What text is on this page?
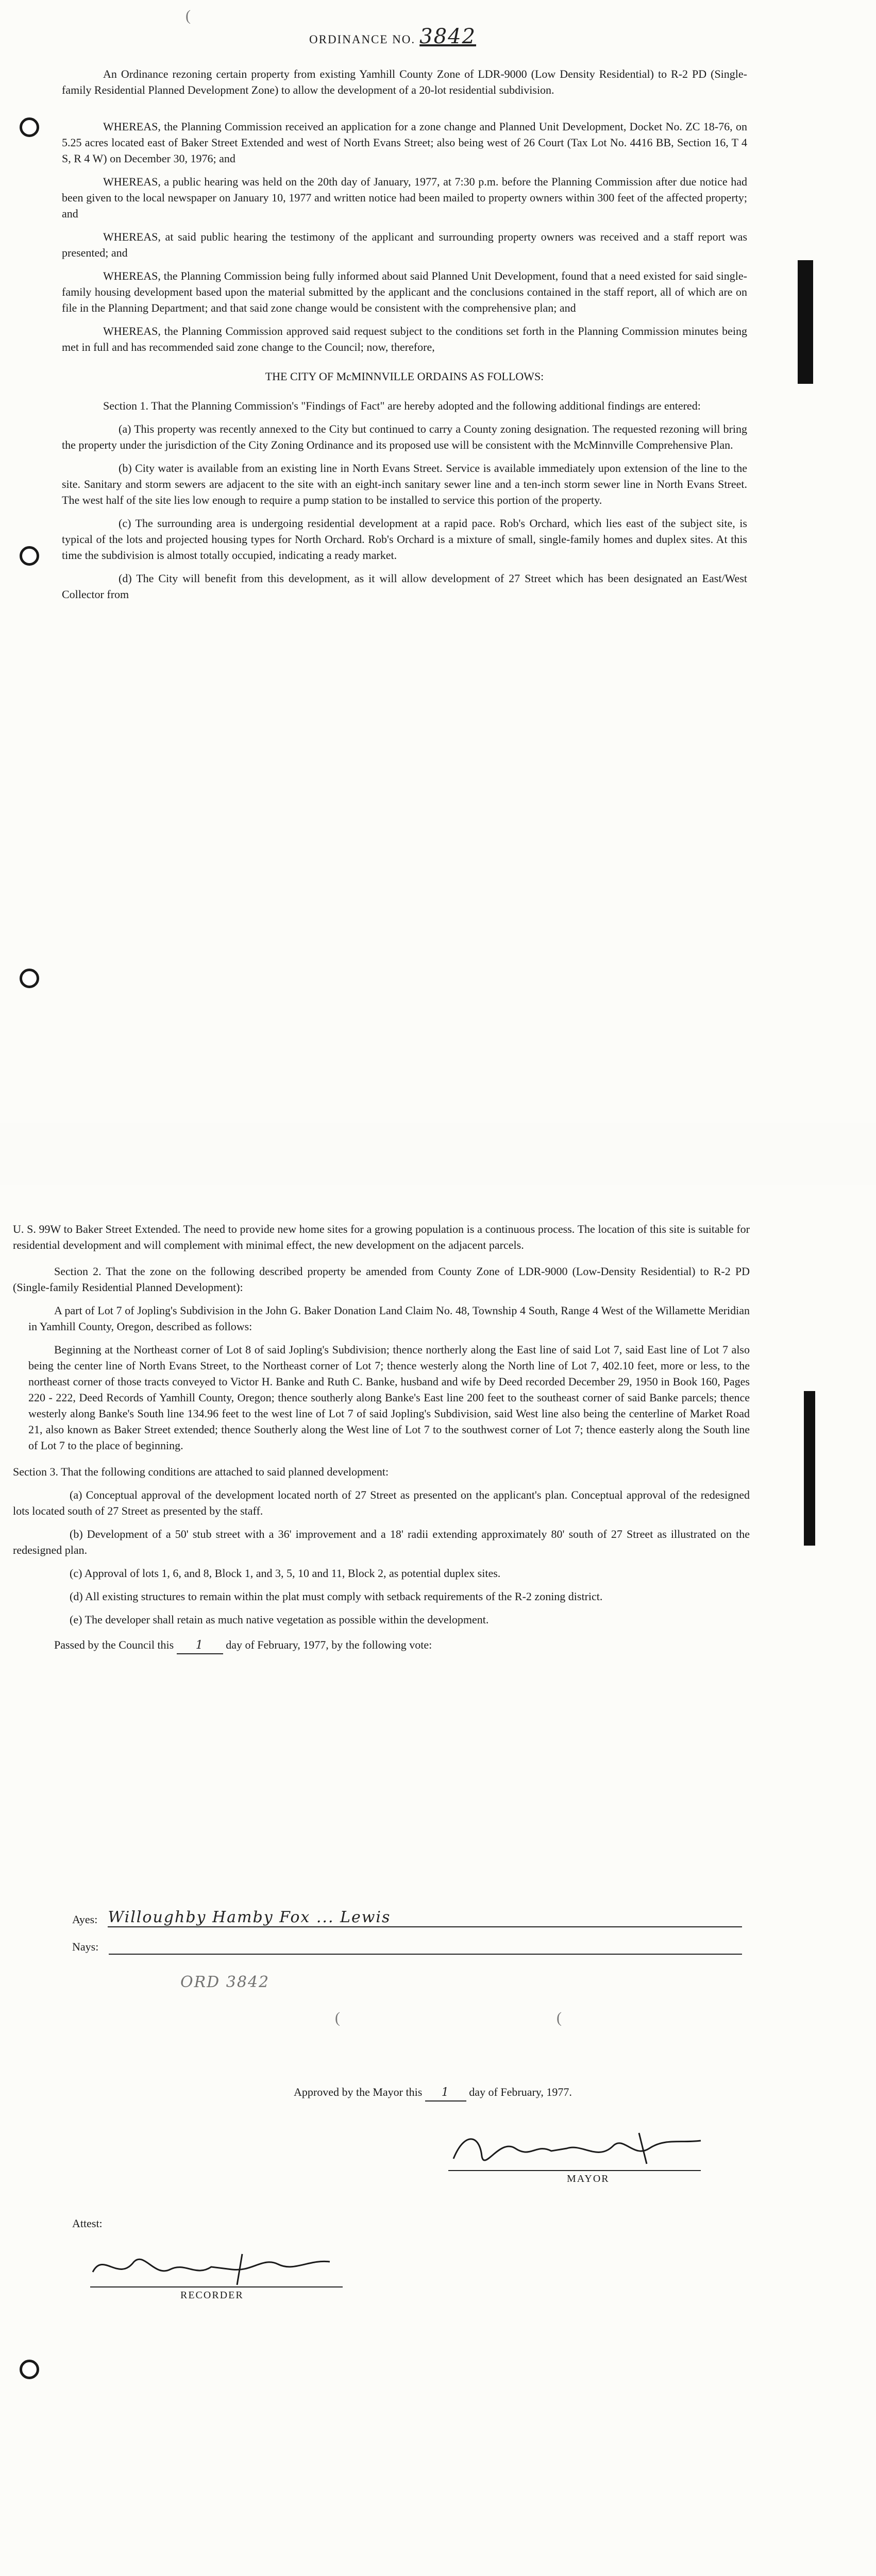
(
ORDINANCE NO. 3842

An Ordinance rezoning certain property from existing Yamhill County Zone of LDR-9000 (Low Density Residential) to R-2 PD (Single-family Residential Planned Development Zone) to allow the development of a 20-lot residential subdivision.

WHEREAS, the Planning Commission received an application for a zone change and Planned Unit Development, Docket No. ZC 18-76, on 5.25 acres located east of Baker Street Extended and west of North Evans Street; also being west of 26 Court (Tax Lot No. 4416 BB, Section 16, T 4 S, R 4 W) on December 30, 1976; and

WHEREAS, a public hearing was held on the 20th day of January, 1977, at 7:30 p.m. before the Planning Commission after due notice had been given to the local newspaper on January 10, 1977 and written notice had been mailed to property owners within 300 feet of the affected property; and

WHEREAS, at said public hearing the testimony of the applicant and surrounding property owners was received and a staff report was presented; and

WHEREAS, the Planning Commission being fully informed about said Planned Unit Development, found that a need existed for said single-family housing development based upon the material submitted by the applicant and the conclusions contained in the staff report, all of which are on file in the Planning Department; and that said zone change would be consistent with the comprehensive plan; and

WHEREAS, the Planning Commission approved said request subject to the conditions set forth in the Planning Commission minutes being met in full and has recommended said zone change to the Council; now, therefore,

THE CITY OF McMINNVILLE ORDAINS AS FOLLOWS:

Section 1. That the Planning Commission's "Findings of Fact" are hereby adopted and the following additional findings are entered:

(a) This property was recently annexed to the City but continued to carry a County zoning designation. The requested rezoning will bring the property under the jurisdiction of the City Zoning Ordinance and its proposed use will be consistent with the McMinnville Comprehensive Plan.

(b) City water is available from an existing line in North Evans Street. Service is available immediately upon extension of the line to the site. Sanitary and storm sewers are adjacent to the site with an eight-inch sanitary sewer line and a ten-inch storm sewer line in North Evans Street. The west half of the site lies low enough to require a pump station to be installed to service this portion of the property.

(c) The surrounding area is undergoing residential development at a rapid pace. Rob's Orchard, which lies east of the subject site, is typical of the lots and projected housing types for North Orchard. Rob's Orchard is a mixture of small, single-family homes and duplex sites. At this time the subdivision is almost totally occupied, indicating a ready market.

(d) The City will benefit from this development, as it will allow development of 27 Street which has been designated an East/West Collector from

U. S. 99W to Baker Street Extended. The need to provide new home sites for a growing population is a continuous process. The location of this site is suitable for residential development and will complement with minimal effect, the new development on the adjacent parcels.

Section 2. That the zone on the following described property be amended from County Zone of LDR-9000 (Low-Density Residential) to R-2 PD (Single-family Residential Planned Development):

A part of Lot 7 of Jopling's Subdivision in the John G. Baker Donation Land Claim No. 48, Township 4 South, Range 4 West of the Willamette Meridian in Yamhill County, Oregon, described as follows:

Beginning at the Northeast corner of Lot 8 of said Jopling's Subdivision; thence northerly along the East line of said Lot 7, said East line of Lot 7 also being the center line of North Evans Street, to the Northeast corner of Lot 7; thence westerly along the North line of Lot 7, 402.10 feet, more or less, to the northeast corner of those tracts conveyed to Victor H. Banke and Ruth C. Banke, husband and wife by Deed recorded December 29, 1950 in Book 160, Pages 220 - 222, Deed Records of Yamhill County, Oregon; thence southerly along Banke's East line 200 feet to the southeast corner of said Banke parcels; thence westerly along Banke's South line 134.96 feet to the west line of Lot 7 of said Jopling's Subdivision, said West line also being the centerline of Market Road 21, also known as Baker Street extended; thence Southerly along the West line of Lot 7 to the southwest corner of Lot 7; thence easterly along the South line of Lot 7 to the place of beginning.

Section 3. That the following conditions are attached to said planned development:

(a) Conceptual approval of the development located north of 27 Street as presented on the applicant's plan. Conceptual approval of the redesigned lots located south of 27 Street as presented by the staff.

(b) Development of a 50' stub street with a 36' improvement and a 18' radii extending approximately 80' south of 27 Street as illustrated on the redesigned plan.

(c) Approval of lots 1, 6, and 8, Block 1, and 3, 5, 10 and 11, Block 2, as potential duplex sites.

(d) All existing structures to remain within the plat must comply with setback requirements of the R-2 zoning district.

(e) The developer shall retain as much native vegetation as possible within the development.

Passed by the Council this 1 day of February, 1977, by the following vote:

Ayes: Willoughby Hamby Fox ... Lewis
Nays:
ORD 3842
(	(
Approved by the Mayor this 1 day of February, 1977.
MAYOR
Attest:
RECORDER
